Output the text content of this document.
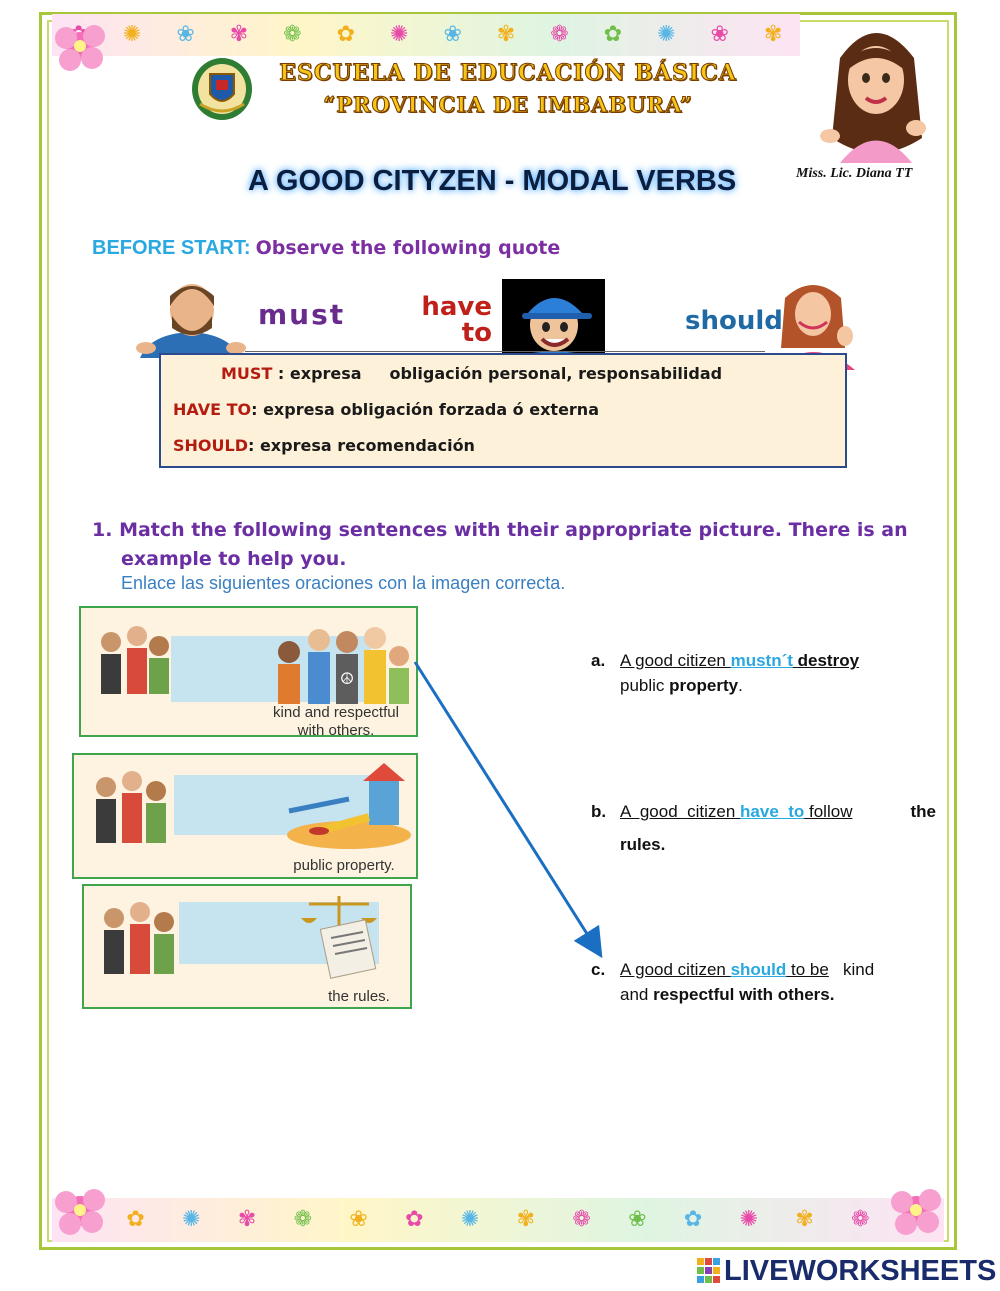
✺ ❀ ✾ ❁ ✿ ✺ ❀ ✾ ❁ ✿ ✺ ❀ ✾
ESCUELA DE EDUCACIÓN BÁSICA
“PROVINCIA DE IMBABURA”
A GOOD CITYZEN - MODAL VERBS	Miss. Lic. Diana TT
BEFORE START: Observe the following quote
must	have
to	should
MUST : expresa     obligación personal, responsabilidad
HAVE TO: expresa obligación forzada ó externa
SHOULD: expresa recomendación
1. Match the following sentences with their appropriate picture. There is an
example to help you.
Enlace las siguientes oraciones con la imagen correcta.
☮
kind and respectful
with others.
public property.
the rules.
a. A good citizen mustn´t destroy
public property.
b. A  good  citizen have  to follow	the
rules.
c. A good citizen should to be kind
and respectful with others.
✿ ✺ ✾ ❁ ❀ ✿ ✺ ✾ ❁ ❀ ✿ ✺ ✾ ❁
LIVEWORKSHEETS
